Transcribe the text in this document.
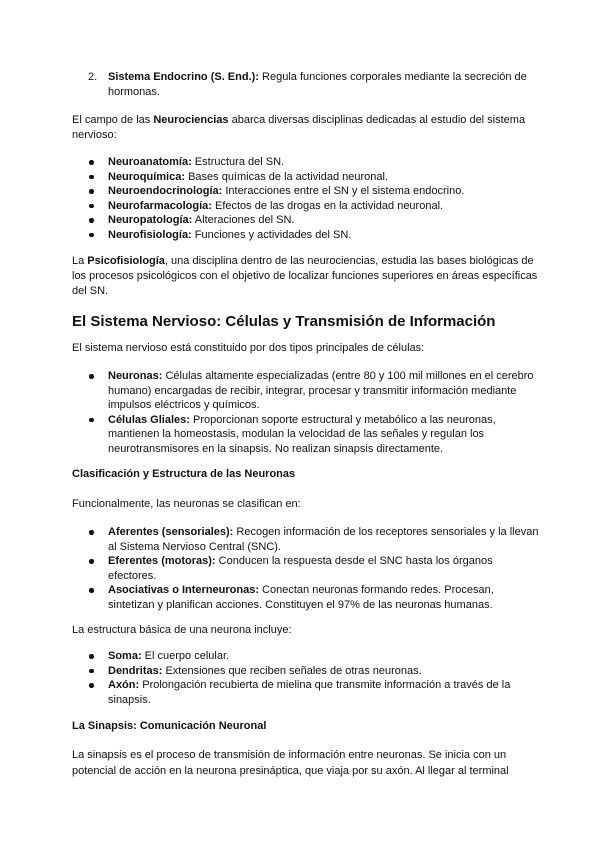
2. Sistema Endocrino (S. End.): Regula funciones corporales mediante la secreción de hormonas.
El campo de las Neurociencias abarca diversas disciplinas dedicadas al estudio del sistema nervioso:
Neuroanatomía: Estructura del SN.
Neuroquímica: Bases químicas de la actividad neuronal.
Neuroendocrinología: Interacciones entre el SN y el sistema endocrino.
Neurofarmacología: Efectos de las drogas en la actividad neuronal.
Neuropatología: Alteraciones del SN.
Neurofisiología: Funciones y actividades del SN.
La Psicofisiología, una disciplina dentro de las neurociencias, estudia las bases biológicas de los procesos psicológicos con el objetivo de localizar funciones superiores en áreas específicas del SN.
El Sistema Nervioso: Células y Transmisión de Información
El sistema nervioso está constituido por dos tipos principales de células:
Neuronas: Células altamente especializadas (entre 80 y 100 mil millones en el cerebro humano) encargadas de recibir, integrar, procesar y transmitir información mediante impulsos eléctricos y químicos.
Células Gliales: Proporcionan soporte estructural y metabólico a las neuronas, mantienen la homeostasis, modulan la velocidad de las señales y regulan los neurotransmisores en la sinapsis. No realizan sinapsis directamente.
Clasificación y Estructura de las Neuronas
Funcionalmente, las neuronas se clasifican en:
Aferentes (sensoriales): Recogen información de los receptores sensoriales y la llevan al Sistema Nervioso Central (SNC).
Eferentes (motoras): Conducen la respuesta desde el SNC hasta los órganos efectores.
Asociativas o Interneuronas: Conectan neuronas formando redes. Procesan, sintetizan y planifican acciones. Constituyen el 97% de las neuronas humanas.
La estructura básica de una neurona incluye:
Soma: El cuerpo celular.
Dendritas: Extensiones que reciben señales de otras neuronas.
Axón: Prolongación recubierta de mielina que transmite información a través de la sinapsis.
La Sinapsis: Comunicación Neuronal
La sinapsis es el proceso de transmisión de información entre neuronas. Se inicia con un potencial de acción en la neurona presináptica, que viaja por su axón. Al llegar al terminal
